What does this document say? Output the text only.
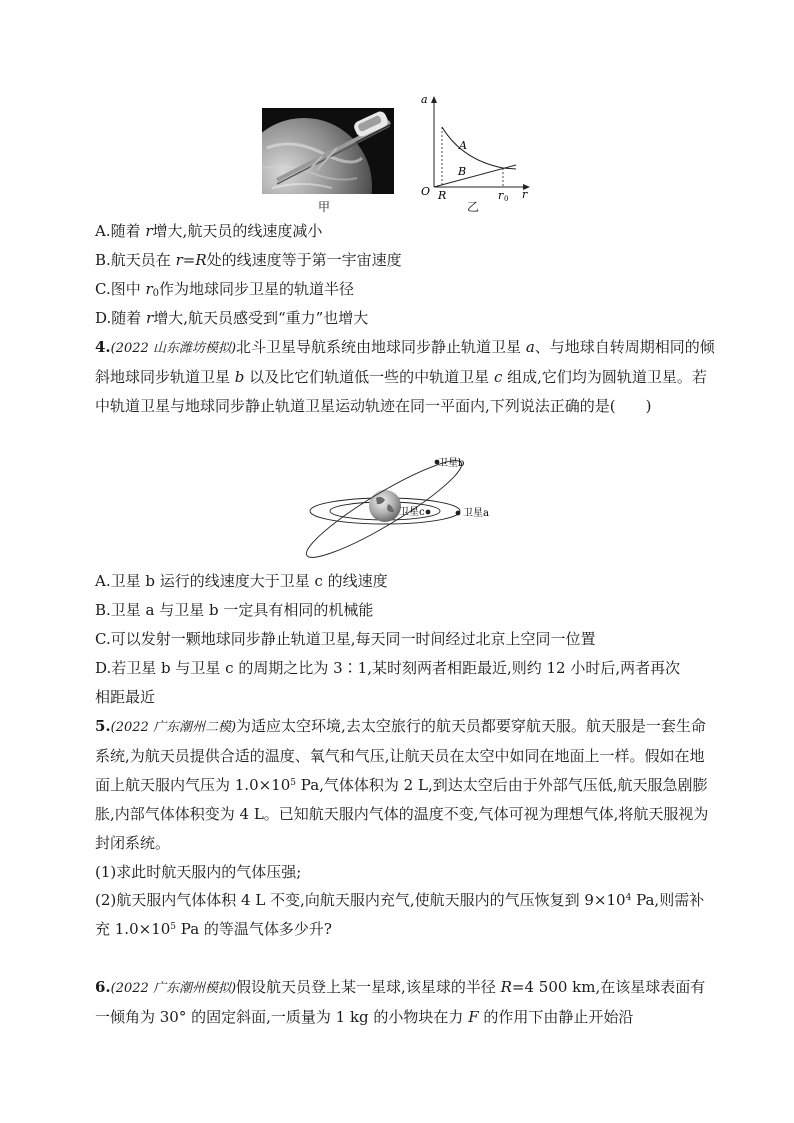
甲
a
O R	r 0 r
A
B
乙
A.随着 r增大,航天员的线速度减小
B.航天员在 r=R处的线速度等于第一宇宙速度
C.图中 $r_0$作为地球同步卫星的轨道半径
D.随着 r增大,航天员感受到“重力”也增大
4.(2022 山东潍坊模拟)北斗卫星导航系统由地球同步静止轨道卫星 a、与地球自转周期相同的倾斜地球同步轨道卫星 b 以及比它们轨道低一些的中轨道卫星 c 组成,它们均为圆轨道卫星。若中轨道卫星与地球同步静止轨道卫星运动轨迹在同一平面内,下列说法正确的是(　　)
卫星b
卫星c	卫星a
A.卫星 b 运行的线速度大于卫星 c 的线速度
B.卫星 a 与卫星 b 一定具有相同的机械能
C.可以发射一颗地球同步静止轨道卫星,每天同一时间经过北京上空同一位置
D.若卫星 b 与卫星 c 的周期之比为 3∶1,某时刻两者相距最近,则约 12 小时后,两者再次
相距最近
5.(2022 广东潮州二模)为适应太空环境,去太空旅行的航天员都要穿航天服。航天服是一套生命系统,为航天员提供合适的温度、氧气和气压,让航天员在太空中如同在地面上一样。假如在地面上航天服内气压为 $1.0\times 10^5$ Pa,气体体积为 2 L,到达太空后由于外部气压低,航天服急剧膨胀,内部气体体积变为 4 L。已知航天服内气体的温度不变,气体可视为理想气体,将航天服视为封闭系统。
(1)求此时航天服内的气体压强;
(2)航天服内气体体积 4 L 不变,向航天服内充气,使航天服内的气压恢复到 $9\times 10^4$ Pa,则需补充 $1.0\times 10^5$ Pa 的等温气体多少升?
6.(2022 广东潮州模拟)假设航天员登上某一星球,该星球的半径 R=4 500 km,在该星球表面有一倾角为 30° 的固定斜面,一质量为 1 kg 的小物块在力 F 的作用下由静止开始沿
